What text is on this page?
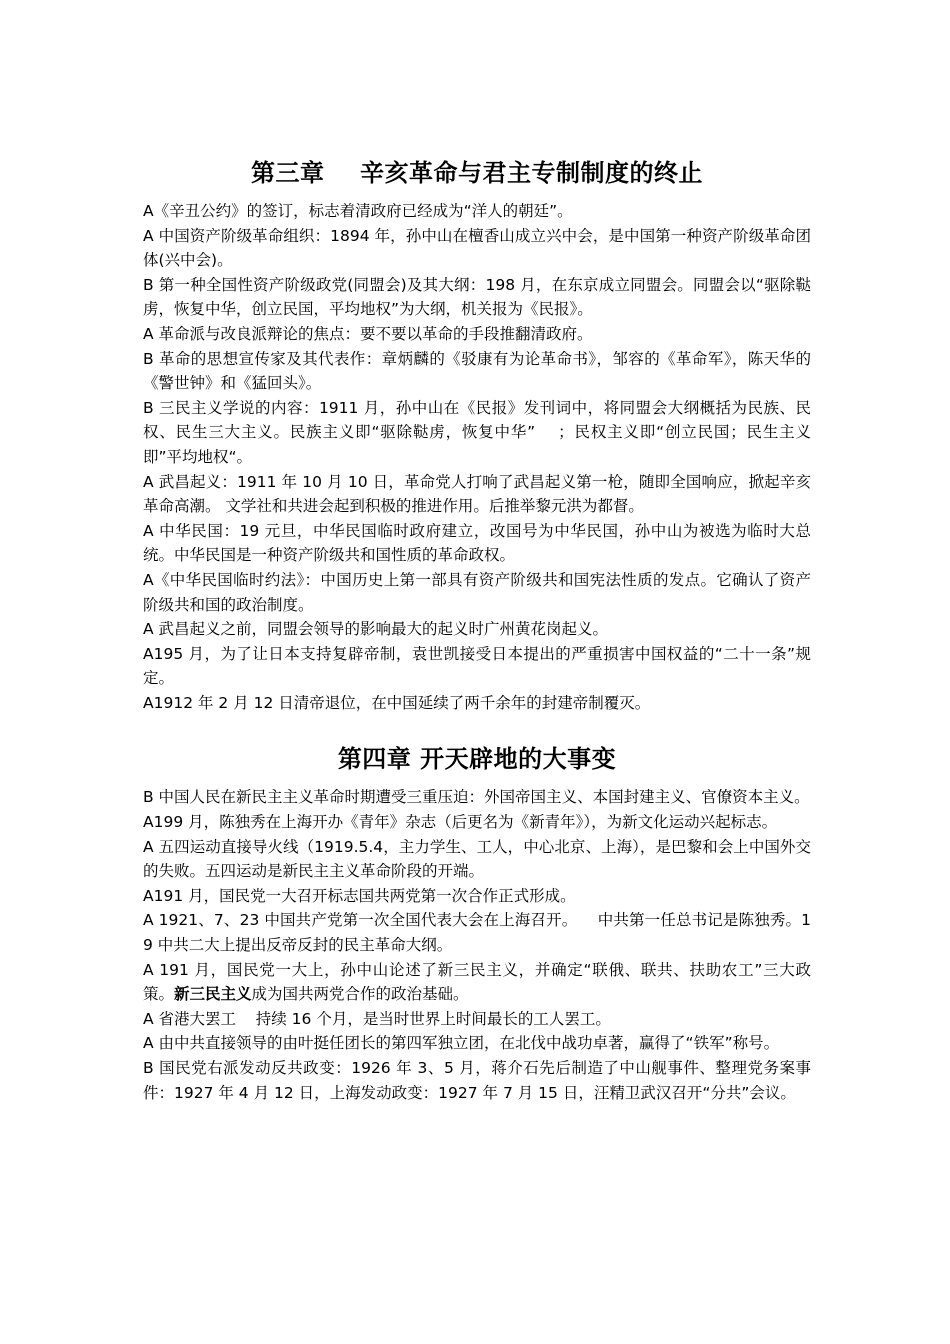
第三章    辛亥革命与君主专制制度的终止

A《辛丑公约》的签订，标志着清政府已经成为“洋人的朝廷”。

A 中国资产阶级革命组织：1894 年，孙中山在檀香山成立兴中会，是中国第一种资产阶级革命团体(兴中会)。

B 第一种全国性资产阶级政党(同盟会)及其大纲：198 月，在东京成立同盟会。同盟会以“驱除鞑虏，恢复中华，创立民国，平均地权”为大纲，机关报为《民报》。

A 革命派与改良派辩论的焦点：要不要以革命的手段推翻清政府。

B 革命的思想宣传家及其代表作：章炳麟的《驳康有为论革命书》，邹容的《革命军》，陈天华的《警世钟》和《猛回头》。

B 三民主义学说的内容：1911 月，孙中山在《民报》发刊词中，将同盟会大纲概括为民族、民权、民生三大主义。民族主义即“驱除鞑虏，恢复中华”    ；民权主义即“创立民国；民生主义即”平均地权“。

A 武昌起义：1911 年 10 月 10 日，革命党人打响了武昌起义第一枪，随即全国响应，掀起辛亥革命高潮。 文学社和共进会起到积极的推进作用。后推举黎元洪为都督。

A 中华民国：19 元旦，中华民国临时政府建立，改国号为中华民国，孙中山为被选为临时大总统。中华民国是一种资产阶级共和国性质的革命政权。

A《中华民国临时约法》：中国历史上第一部具有资产阶级共和国宪法性质的发点。它确认了资产阶级共和国的政治制度。

A 武昌起义之前，同盟会领导的影响最大的起义时广州黄花岗起义。

A195 月，为了让日本支持复辟帝制，袁世凯接受日本提出的严重损害中国权益的“二十一条”规定。

A1912 年 2 月 12 日清帝退位，在中国延续了两千余年的封建帝制覆灭。

第四章 开天辟地的大事变

B 中国人民在新民主主义革命时期遭受三重压迫：外国帝国主义、本国封建主义、官僚资本主义。

A199 月，陈独秀在上海开办《青年》杂志（后更名为《新青年》），为新文化运动兴起标志。

A 五四运动直接导火线（1919.5.4，主力学生、工人，中心北京、上海），是巴黎和会上中国外交的失败。五四运动是新民主主义革命阶段的开端。

A191 月，国民党一大召开标志国共两党第一次合作正式形成。

A 1921、7、23 中国共产党第一次全国代表大会在上海召开。    中共第一任总书记是陈独秀。19 中共二大上提出反帝反封的民主革命大纲。

A 191 月，国民党一大上，孙中山论述了新三民主义，并确定“联俄、联共、扶助农工”三大政策。新三民主义成为国共两党合作的政治基础。

A 省港大罢工    持续 16 个月，是当时世界上时间最长的工人罢工。

A 由中共直接领导的由叶挺任团长的第四军独立团，在北伐中战功卓著，赢得了“铁军”称号。

B 国民党右派发动反共政变：1926 年 3、5 月，蒋介石先后制造了中山舰事件、整理党务案事件：1927 年 4 月 12 日，上海发动政变：1927 年 7 月 15 日，汪精卫武汉召开“分共”会议。
